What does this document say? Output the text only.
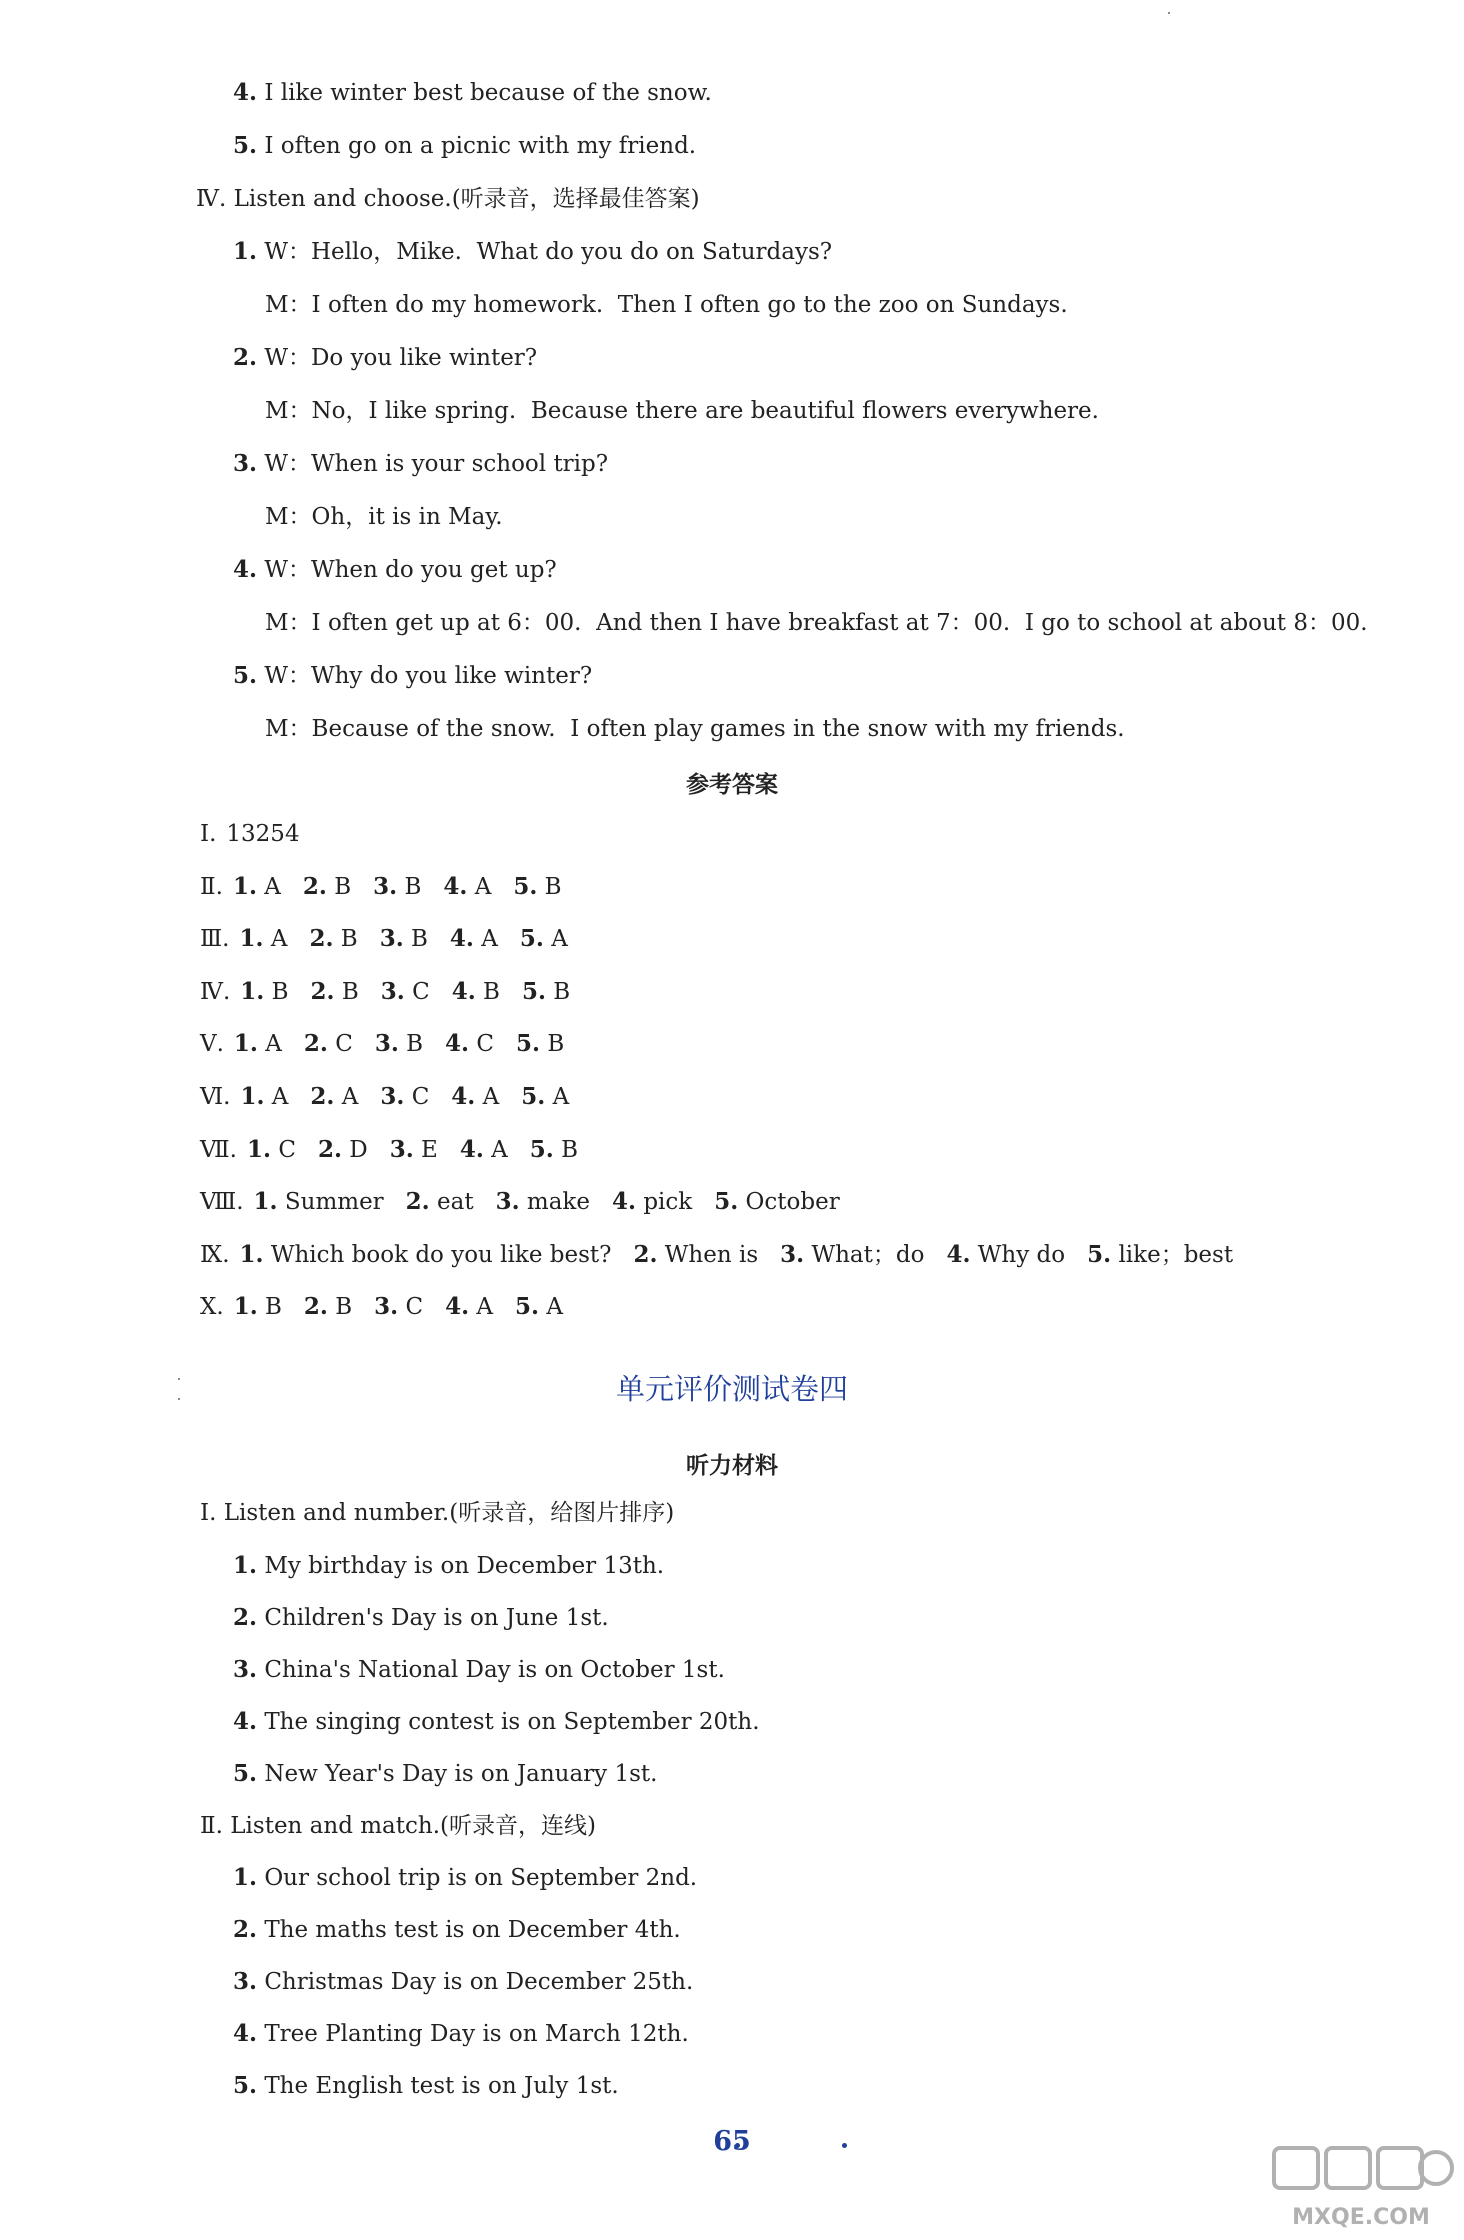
4. I like winter best because of the snow.
5. I often go on a picnic with my friend.
Ⅳ. Listen and choose.(听录音，选择最佳答案)
1. W：Hello，Mike.  What do you do on Saturdays?
M：I often do my homework.  Then I often go to the zoo on Sundays.
2. W：Do you like winter?
M：No，I like spring.  Because there are beautiful flowers everywhere.
3. W：When is your school trip?
M：Oh，it is in May.
4. W：When do you get up?
M：I often get up at 6：00.  And then I have breakfast at 7：00.  I go to school at about 8：00.
5. W：Why do you like winter?
M：Because of the snow.  I often play games in the snow with my friends.
参考答案
Ⅰ. 13254
Ⅱ. 1. A 2. B 3. B 4. A 5. B
Ⅲ. 1. A 2. B 3. B 4. A 5. A
Ⅳ. 1. B 2. B 3. C 4. B 5. B
Ⅴ. 1. A 2. C 3. B 4. C 5. B
Ⅵ. 1. A 2. A 3. C 4. A 5. A
Ⅶ. 1. C 2. D 3. E 4. A 5. B
Ⅷ. 1. Summer 2. eat 3. make 4. pick 5. October
Ⅸ. 1. Which book do you like best? 2. When is 3. What；do 4. Why do 5. like；best
Ⅹ. 1. B 2. B 3. C 4. A 5. A
单元评价测试卷四
听力材料
Ⅰ. Listen and number.(听录音，给图片排序)
1. My birthday is on December 13th.
2. Children's Day is on June 1st.
3. China's National Day is on October 1st.
4. The singing contest is on September 20th.
5. New Year's Day is on January 1st.
Ⅱ. Listen and match.(听录音，连线)
1. Our school trip is on September 2nd.
2. The maths test is on December 4th.
3. Christmas Day is on December 25th.
4. Tree Planting Day is on March 12th.
5. The English test is on July 1st.
65
MXQE.COM
